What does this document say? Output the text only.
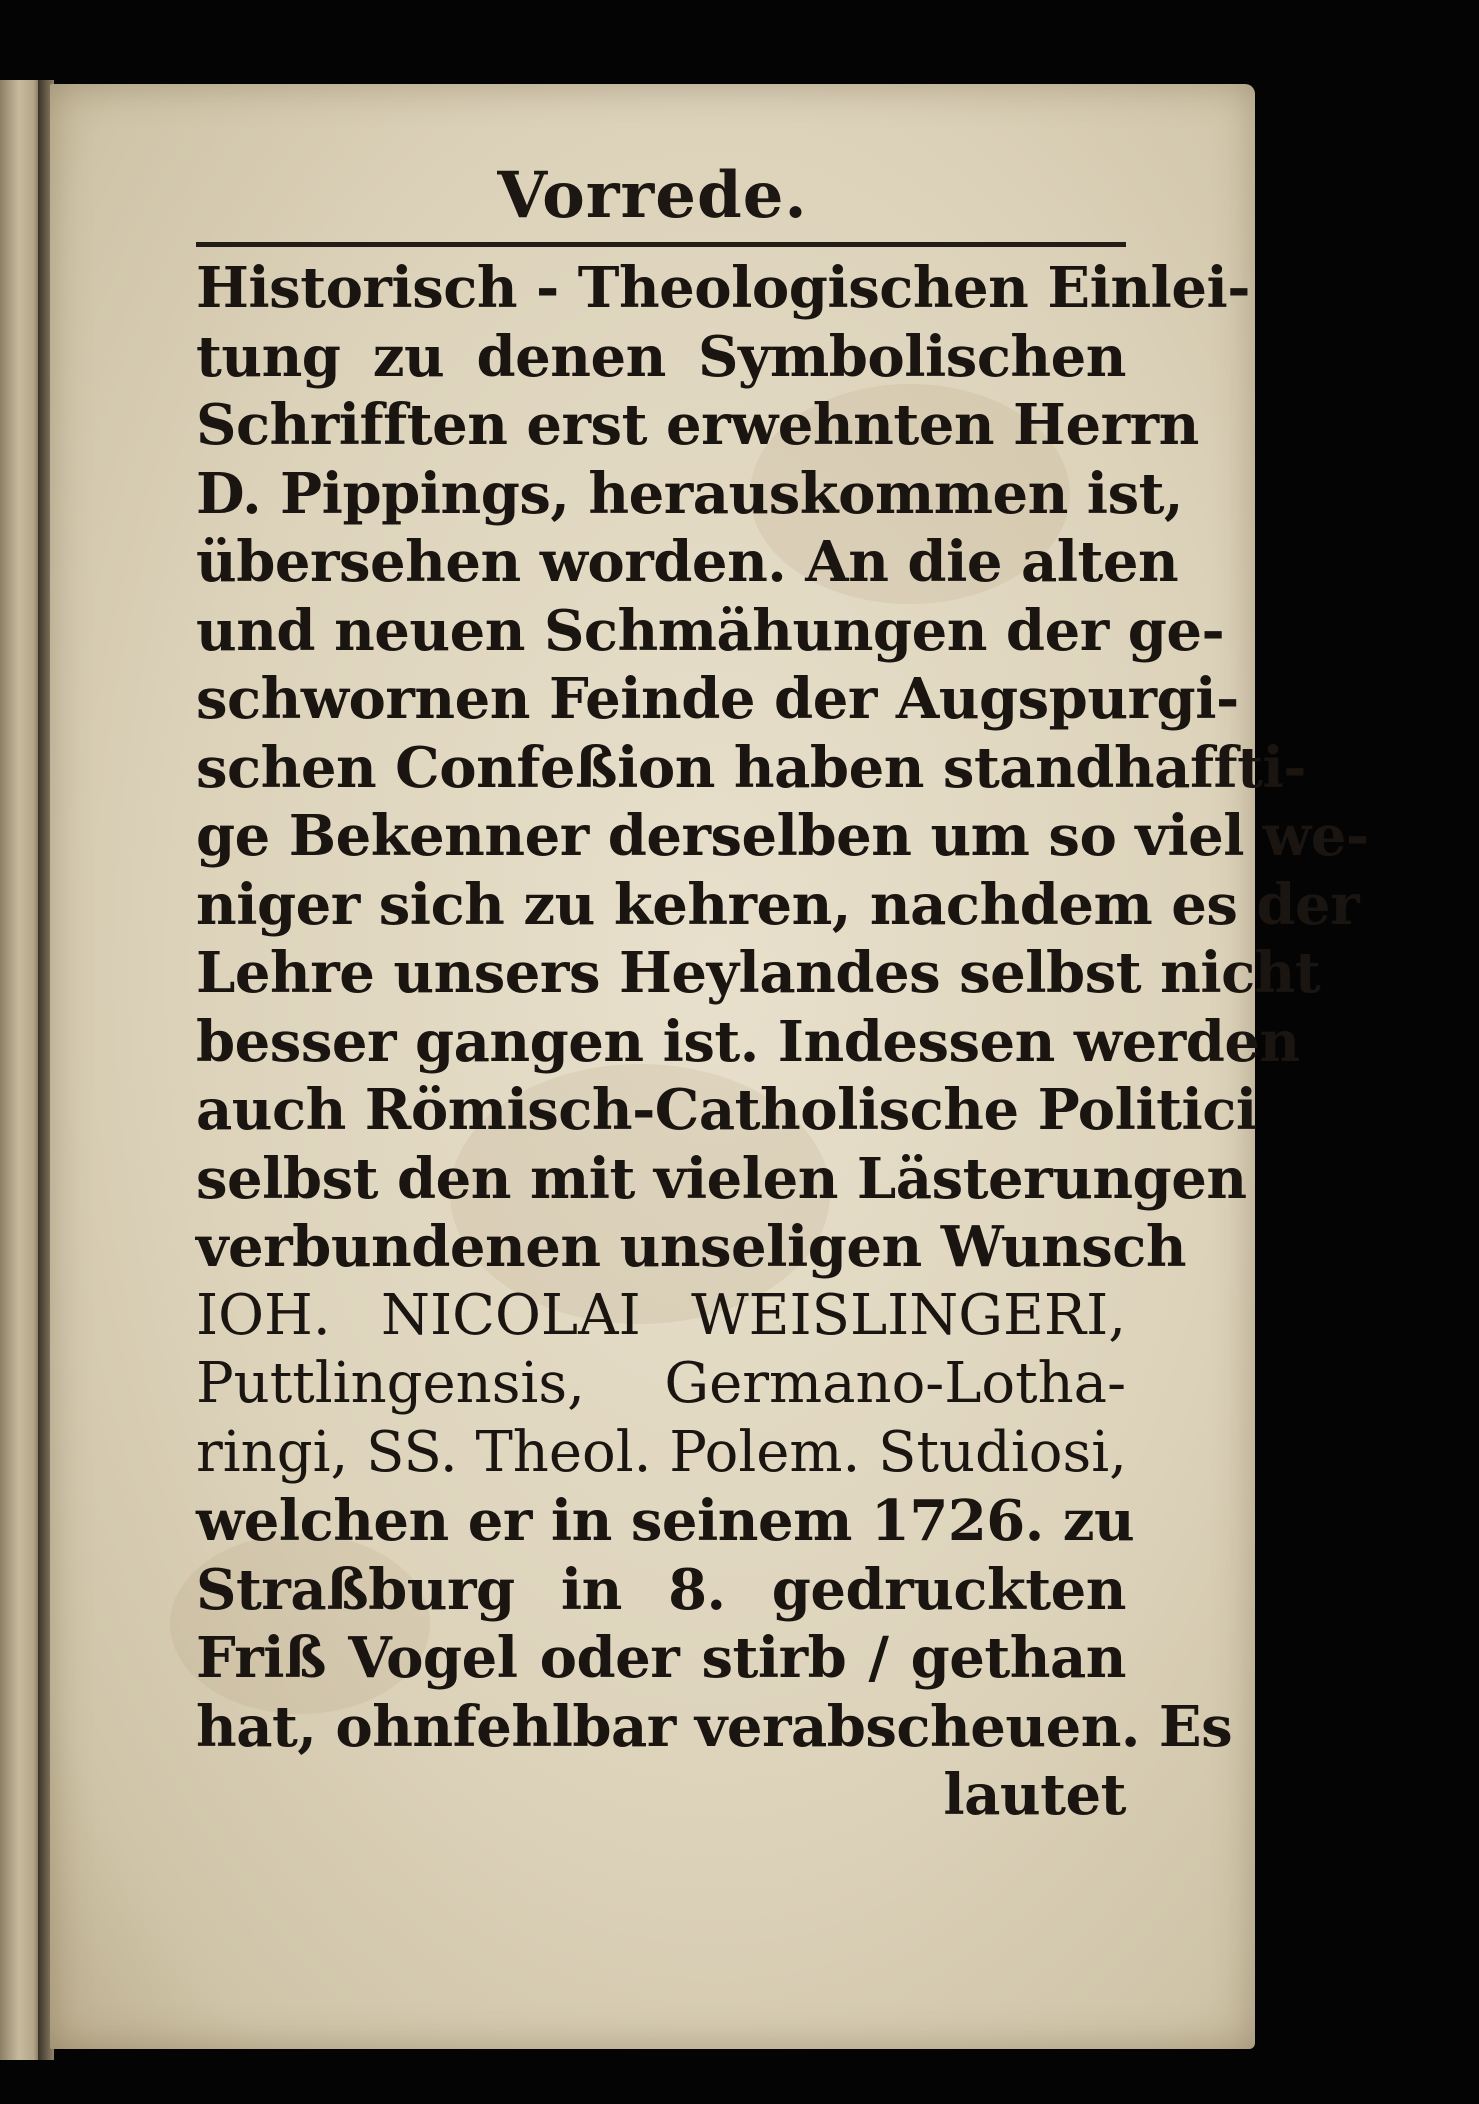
Vorrede.
Historisch - Theologischen Einlei-
tung zu denen Symbolischen
Schrifften erst erwehnten Herrn
D. Pippings, herauskommen ist,
übersehen worden. An die alten
und neuen Schmähungen der ge-
schwornen Feinde der Augspurgi-
schen Confeßion haben standhaffti-
ge Bekenner derselben um so viel we-
niger sich zu kehren, nachdem es der
Lehre unsers Heylandes selbst nicht
besser gangen ist. Indessen werden
auch Römisch-Catholische Politici
selbst den mit vielen Lästerungen
verbundenen unseligen Wunsch
IOH. NICOLAI WEISLINGERI,
Puttlingensis, Germano-Lotha-
ringi, SS. Theol. Polem. Studiosi,
welchen er in seinem 1726. zu
Straßburg in 8. gedruckten
Friß Vogel oder stirb / gethan
hat, ohnfehlbar verabscheuen. Es
lautet
